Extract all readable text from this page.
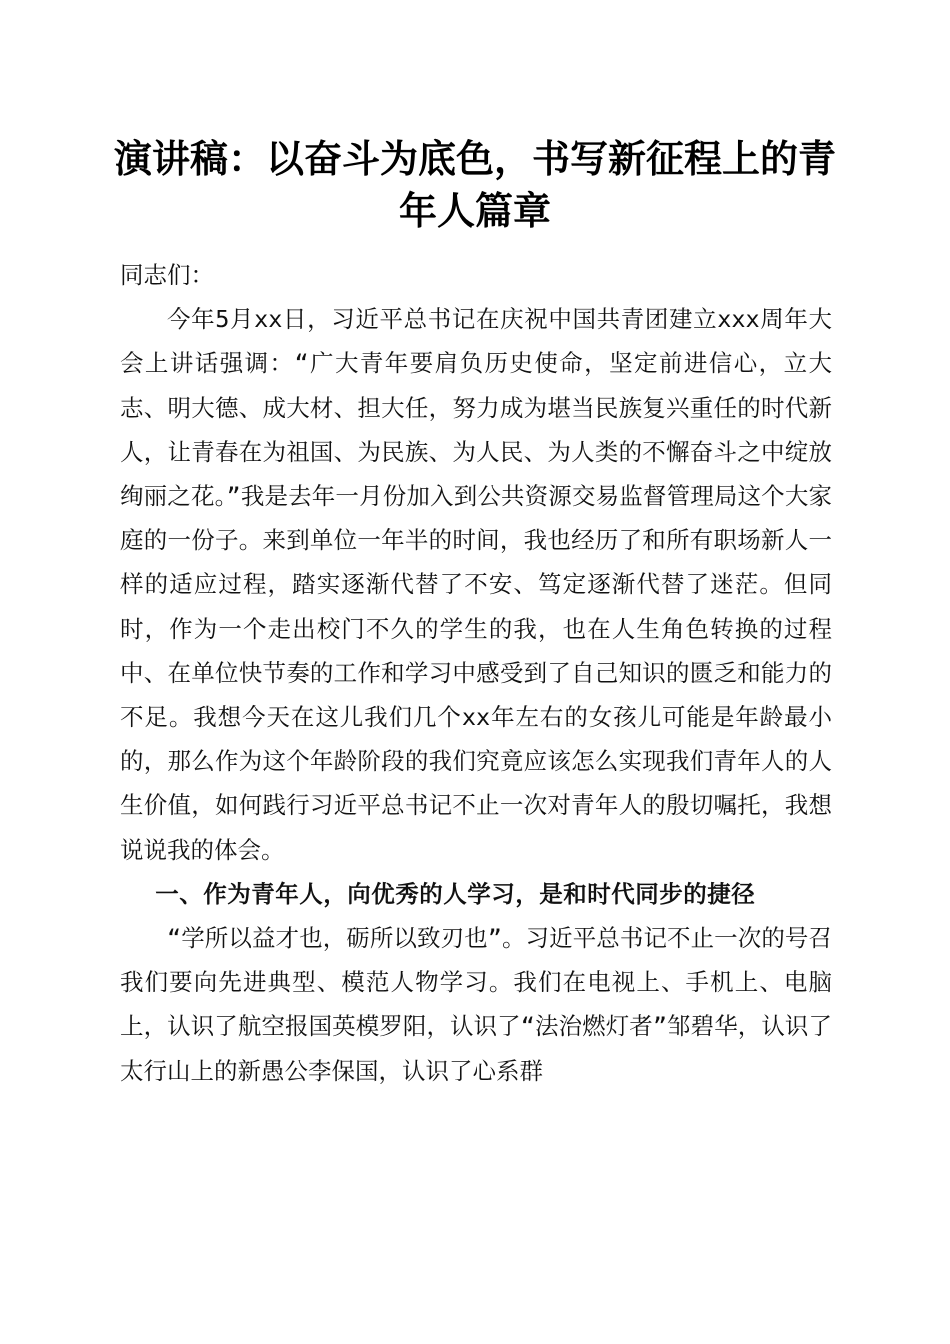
演讲稿：以奋斗为底色，书写新征程上的青年人篇章

同志们：

今年5月xx日，习近平总书记在庆祝中国共青团建立xxx周年大会上讲话强调：“广大青年要肩负历史使命，坚定前进信心，立大志、明大德、成大材、担大任，努力成为堪当民族复兴重任的时代新人，让青春在为祖国、为民族、为人民、为人类的不懈奋斗之中绽放绚丽之花。”我是去年一月份加入到公共资源交易监督管理局这个大家庭的一份子。来到单位一年半的时间，我也经历了和所有职场新人一样的适应过程，踏实逐渐代替了不安、笃定逐渐代替了迷茫。但同时，作为一个走出校门不久的学生的我，也在人生角色转换的过程中、在单位快节奏的工作和学习中感受到了自己知识的匮乏和能力的不足。我想今天在这儿我们几个xx年左右的女孩儿可能是年龄最小的，那么作为这个年龄阶段的我们究竟应该怎么实现我们青年人的人生价值，如何践行习近平总书记不止一次对青年人的殷切嘱托，我想说说我的体会。

一、作为青年人，向优秀的人学习，是和时代同步的捷径

“学所以益才也，砺所以致刃也”。习近平总书记不止一次的号召我们要向先进典型、模范人物学习。我们在电视上、手机上、电脑上，认识了航空报国英模罗阳，认识了“法治燃灯者”邹碧华，认识了太行山上的新愚公李保国，认识了心系群
